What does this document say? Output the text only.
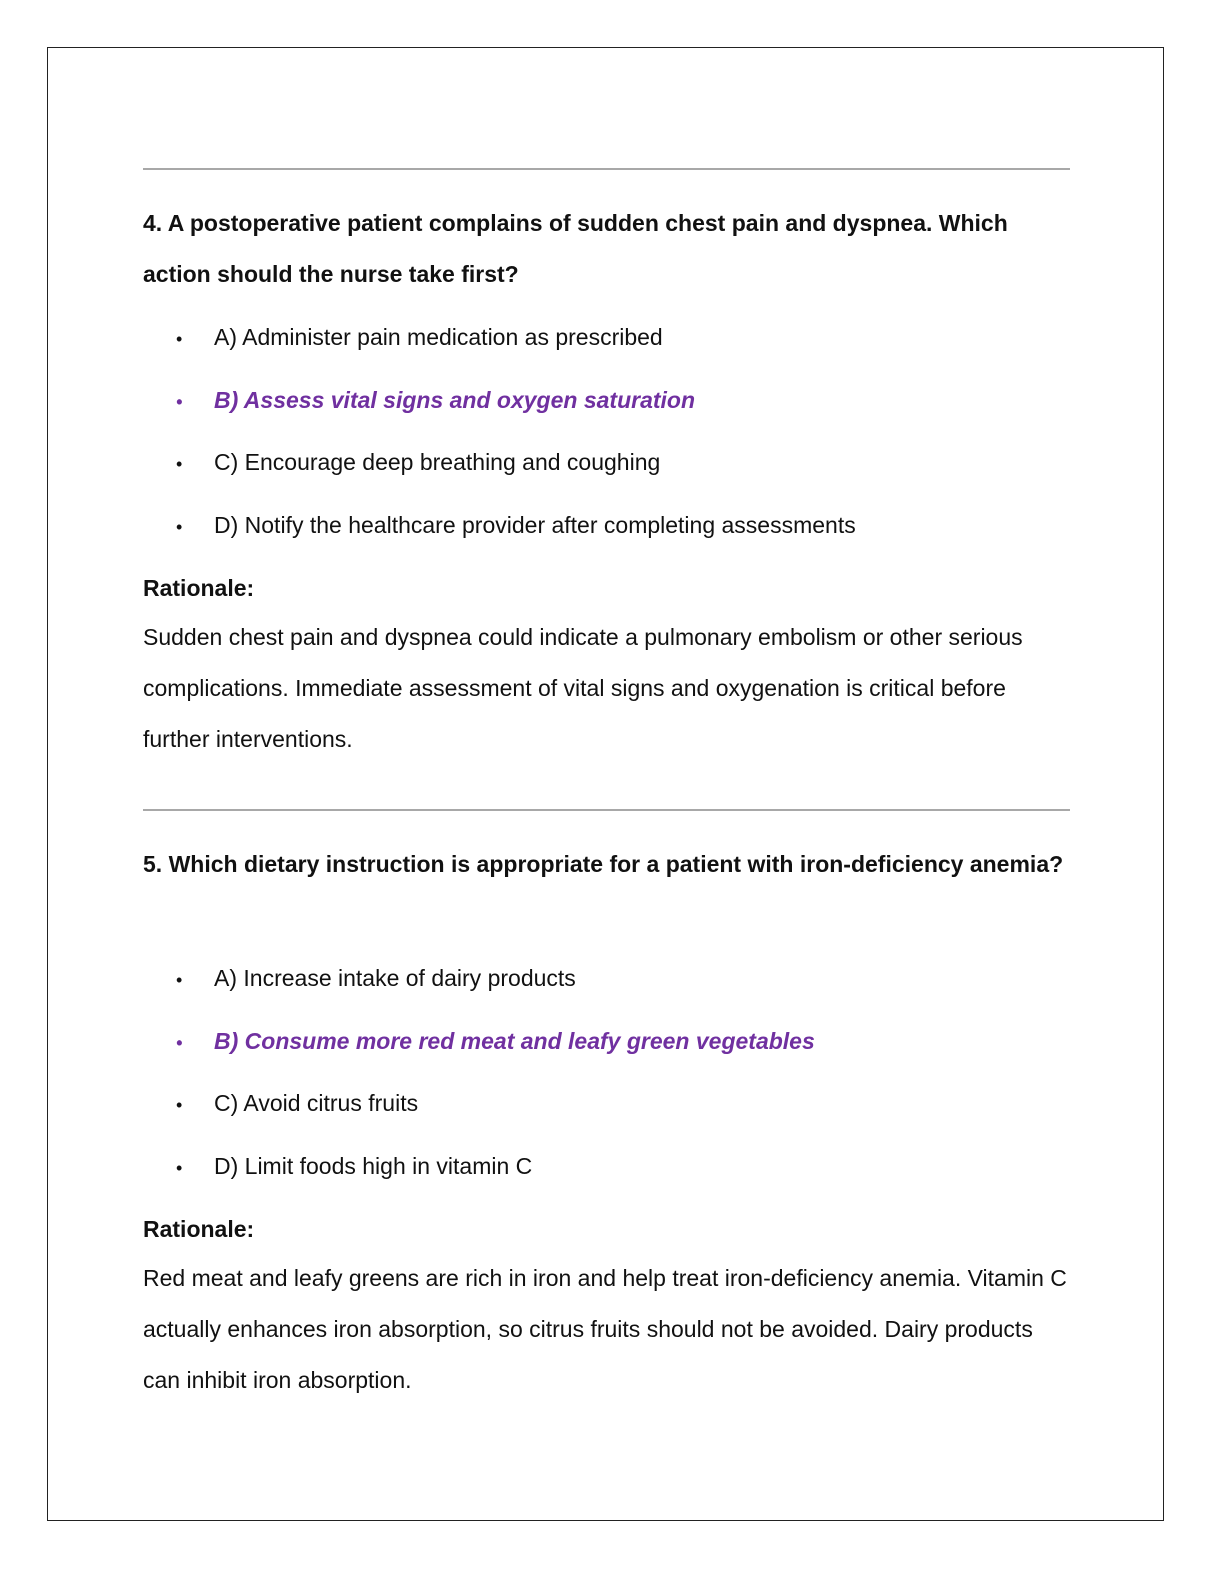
4. A postoperative patient complains of sudden chest pain and dyspnea. Which action should the nurse take first?

• A) Administer pain medication as prescribed
• B) Assess vital signs and oxygen saturation
• C) Encourage deep breathing and coughing
• D) Notify the healthcare provider after completing assessments
Rationale:

Sudden chest pain and dyspnea could indicate a pulmonary embolism or other serious complications. Immediate assessment of vital signs and oxygenation is critical before further interventions.

5. Which dietary instruction is appropriate for a patient with iron-deficiency anemia?

• A) Increase intake of dairy products
• B) Consume more red meat and leafy green vegetables
• C) Avoid citrus fruits
• D) Limit foods high in vitamin C
Rationale:

Red meat and leafy greens are rich in iron and help treat iron-deficiency anemia. Vitamin C actually enhances iron absorption, so citrus fruits should not be avoided. Dairy products can inhibit iron absorption.
